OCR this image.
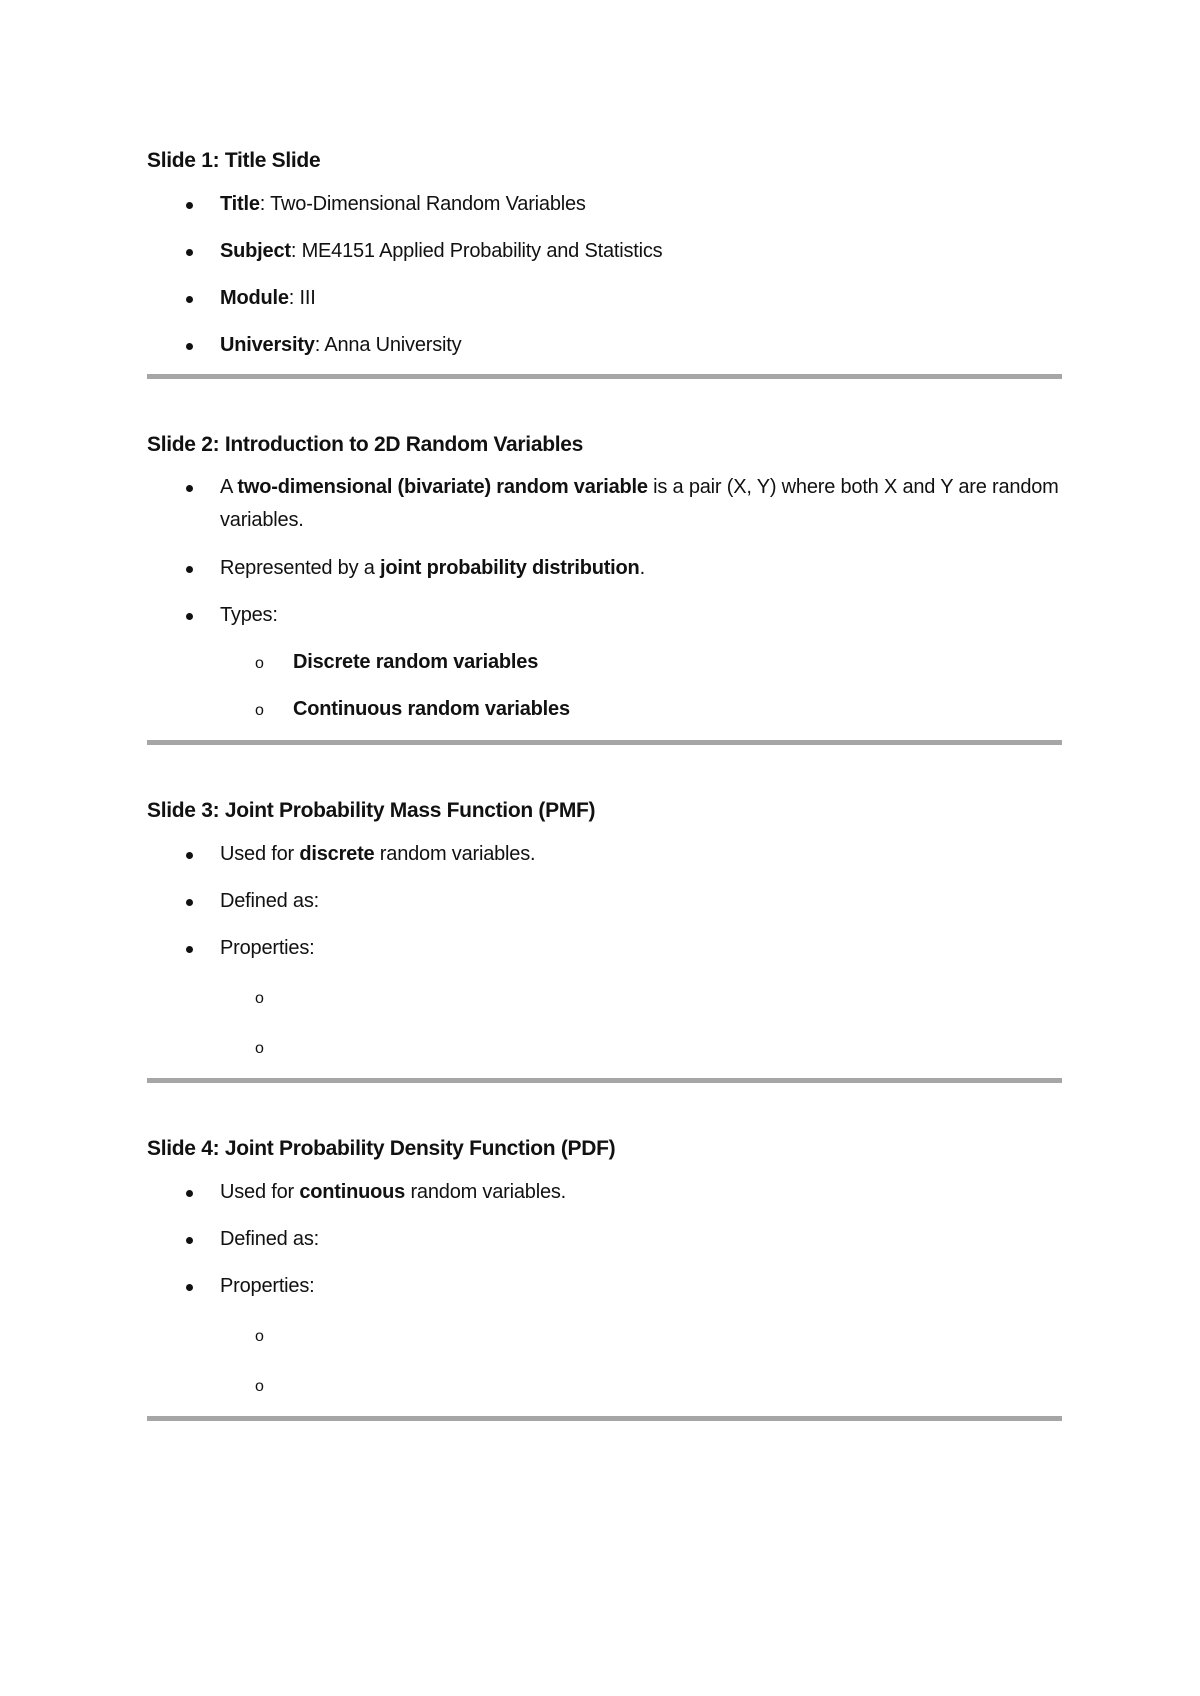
Slide 1: Title Slide
Title: Two-Dimensional Random Variables
Subject: ME4151 Applied Probability and Statistics
Module: III
University: Anna University
Slide 2: Introduction to 2D Random Variables
A two-dimensional (bivariate) random variable is a pair (X, Y) where both X and Y are random variables.
Represented by a joint probability distribution.
Types:
o Discrete random variables
o Continuous random variables
Slide 3: Joint Probability Mass Function (PMF)
Used for discrete random variables.
Defined as:
Properties:
o
o
Slide 4: Joint Probability Density Function (PDF)
Used for continuous random variables.
Defined as:
Properties:
o
o
